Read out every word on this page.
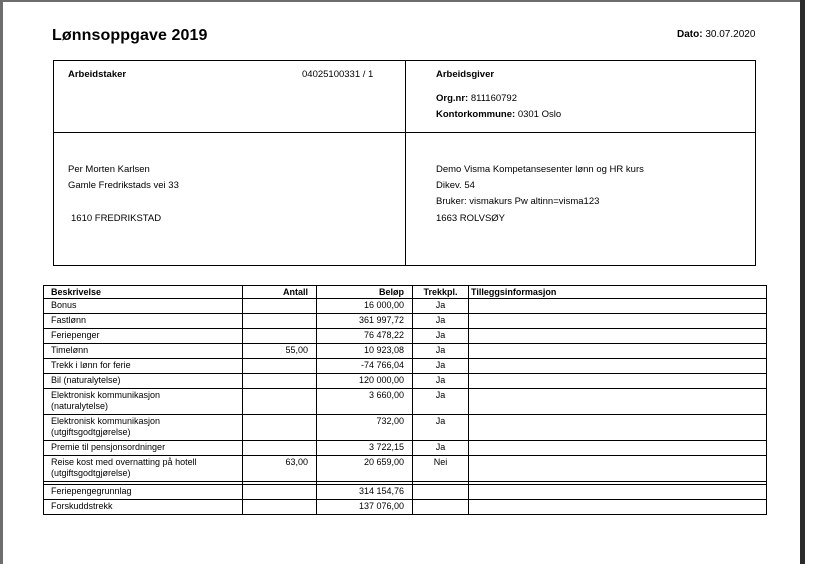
Lønnsoppgave 2019	Dato: 30.07.2020
Arbeidstaker	04025100331 / 1	Arbeidsgiver
Org.nr: 811160792
Kontorkommune: 0301 Oslo
Per Morten Karlsen
Gamle Fredrikstads vei 33
1610 FREDRIKSTAD
Demo Visma Kompetansesenter lønn og HR kurs
Dikev. 54
Bruker: vismakurs Pw altinn=visma123
1663 ROLVSØY
Beskrivelse	Antall	Beløp	Trekkpl.	Tilleggsinformasjon
Bonus		16 000,00	Ja	
Fastlønn		361 997,72	Ja	
Feriepenger		76 478,22	Ja	
Timelønn	55,00	10 923,08	Ja	
Trekk i lønn for ferie		-74 766,04	Ja	
Bil (naturalytelse)		120 000,00	Ja	

Elektronisk kommunikasjon
(naturalytelse)		3 660,00	Ja	

Elektronisk kommunikasjon
(utgiftsgodtgjørelse)		732,00	Ja	
Premie til pensjonsordninger		3 722,15	Ja	

Reise kost med overnatting på hotell
(utgiftsgodtgjørelse)	63,00	20 659,00	Nei	

Feriepengegrunnlag		314 154,76		
Forskuddstrekk		137 076,00		
